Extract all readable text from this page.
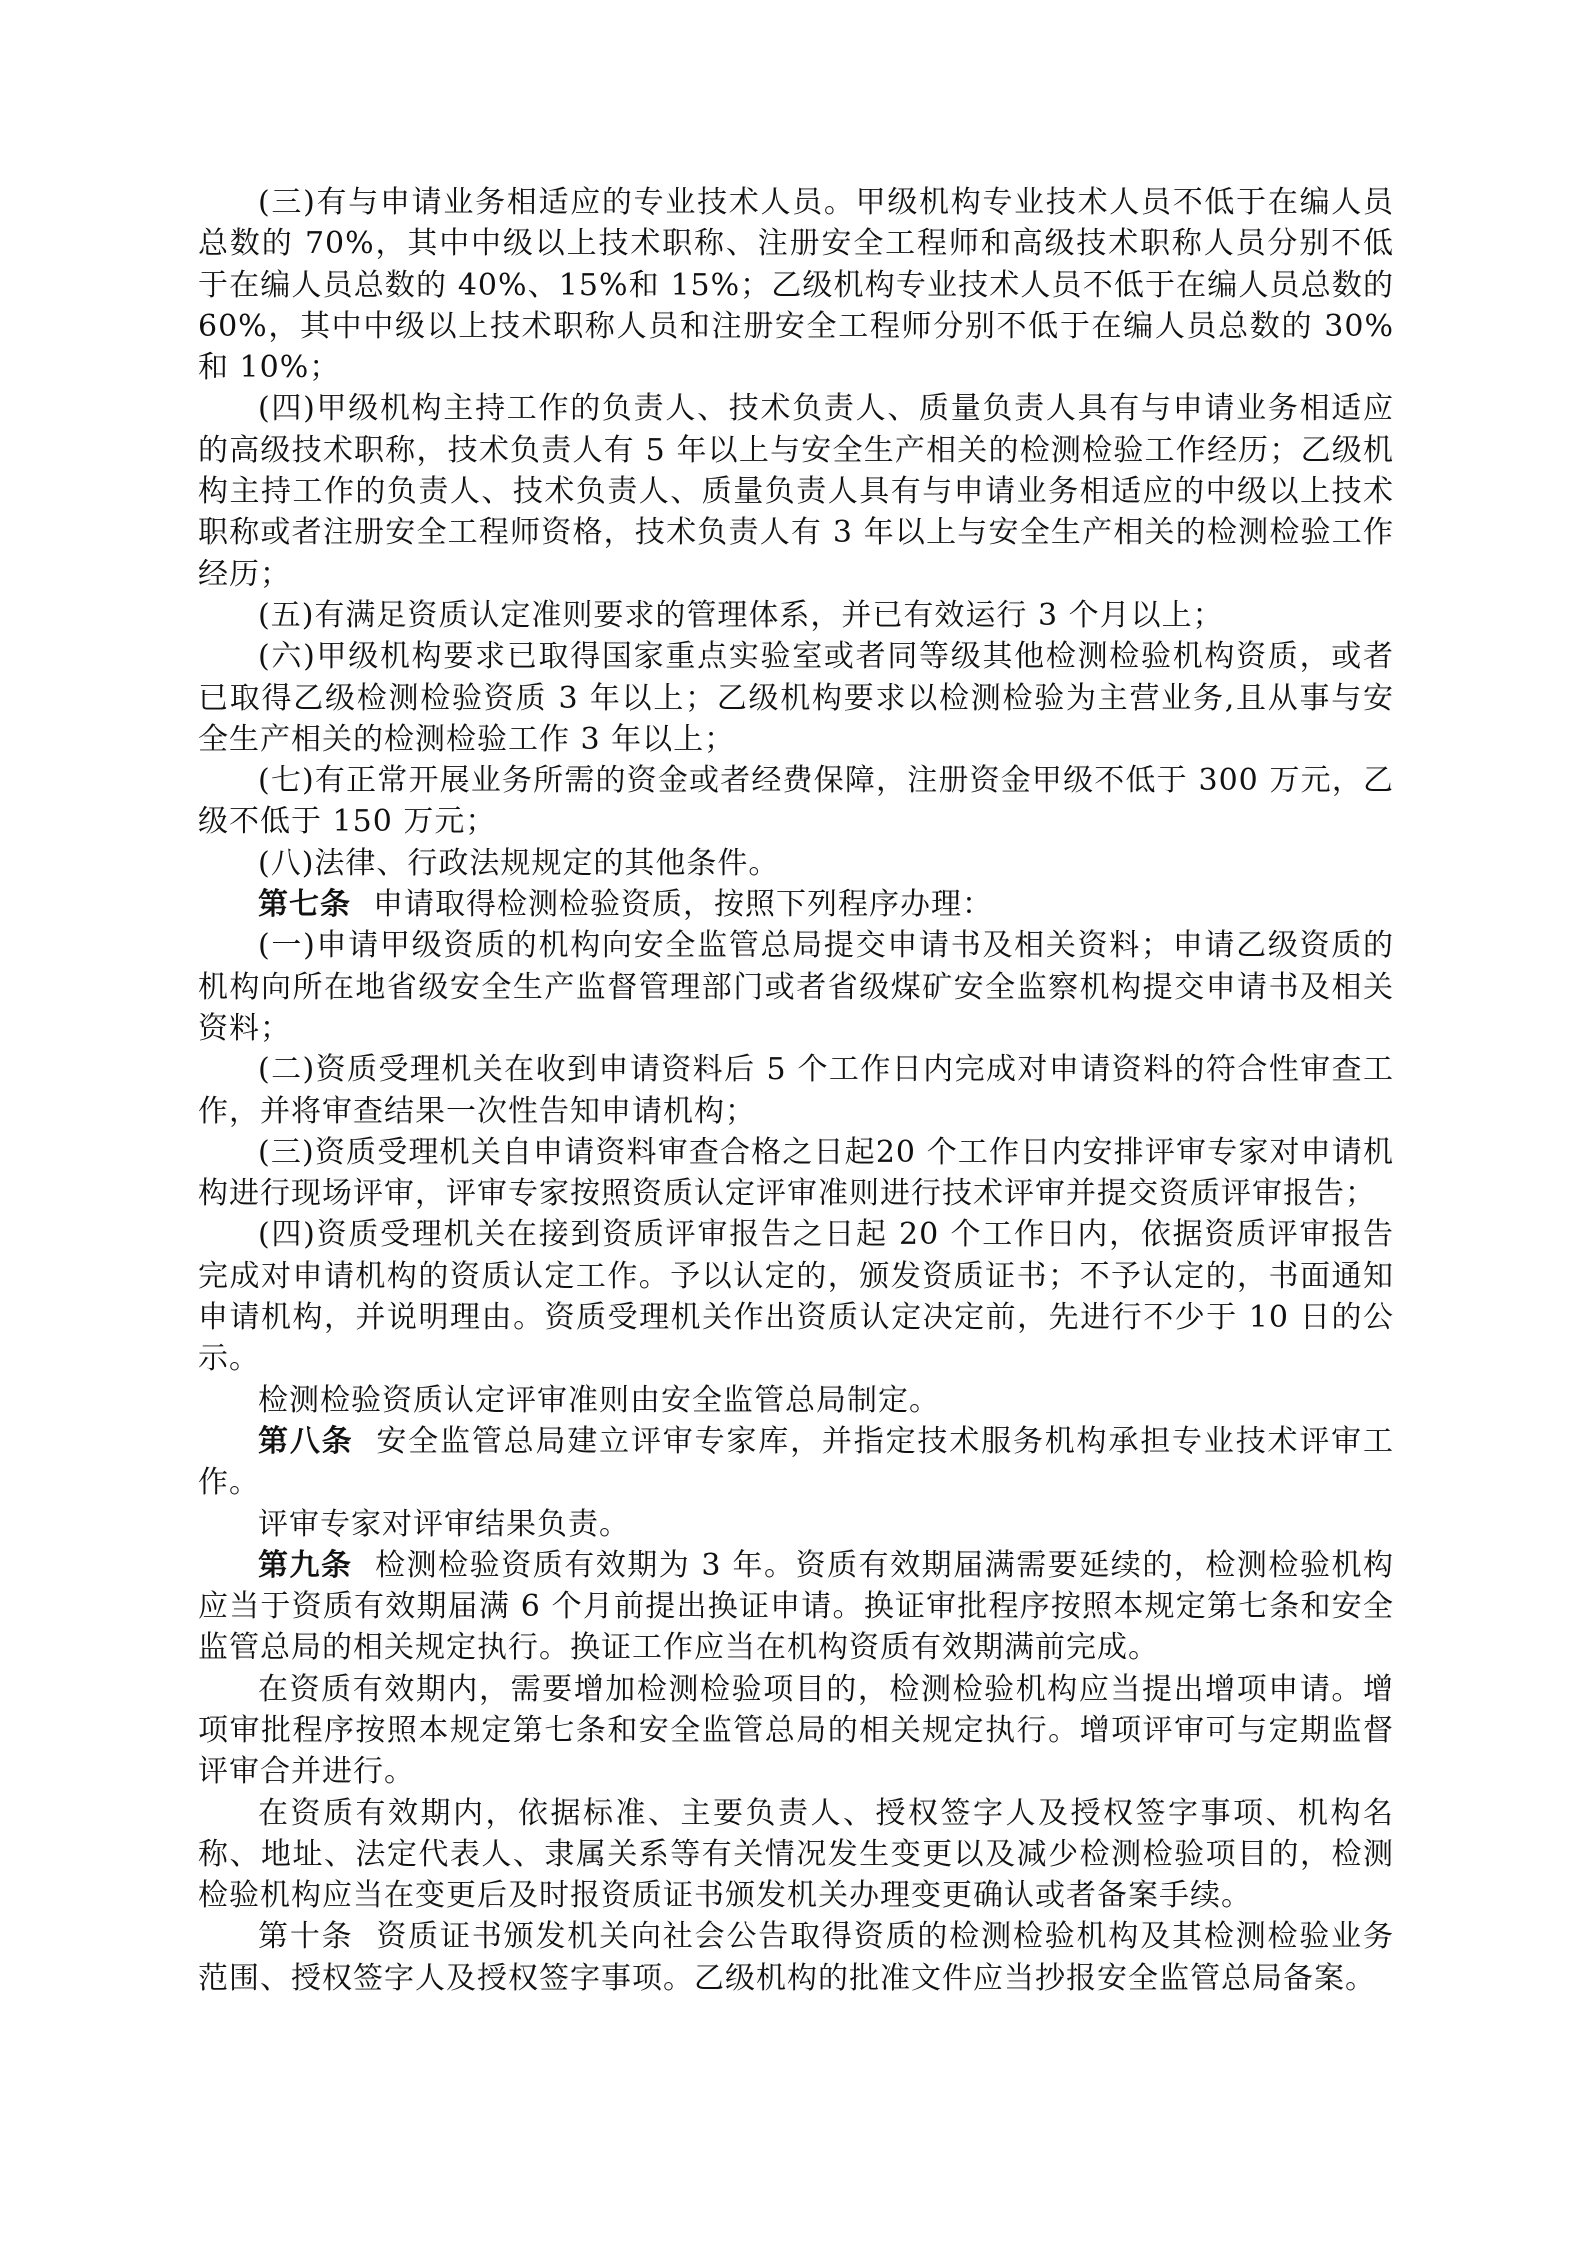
(三)有与申请业务相适应的专业技术人员。甲级机构专业技术人员不低于在编人员总数的 70%，其中中级以上技术职称、注册安全工程师和高级技术职称人员分别不低于在编人员总数的 40%、15%和 15%；乙级机构专业技术人员不低于在编人员总数的 60%，其中中级以上技术职称人员和注册安全工程师分别不低于在编人员总数的 30%和 10%；

(四)甲级机构主持工作的负责人、技术负责人、质量负责人具有与申请业务相适应的高级技术职称，技术负责人有 5 年以上与安全生产相关的检测检验工作经历；乙级机构主持工作的负责人、技术负责人、质量负责人具有与申请业务相适应的中级以上技术职称或者注册安全工程师资格，技术负责人有 3 年以上与安全生产相关的检测检验工作经历；

(五)有满足资质认定准则要求的管理体系，并已有效运行 3 个月以上；

(六)甲级机构要求已取得国家重点实验室或者同等级其他检测检验机构资质，或者已取得乙级检测检验资质 3 年以上；乙级机构要求以检测检验为主营业务,且从事与安全生产相关的检测检验工作 3 年以上；

(七)有正常开展业务所需的资金或者经费保障，注册资金甲级不低于 300 万元，乙级不低于 150 万元；

(八)法律、行政法规规定的其他条件。

第七条 申请取得检测检验资质，按照下列程序办理：

(一)申请甲级资质的机构向安全监管总局提交申请书及相关资料；申请乙级资质的机构向所在地省级安全生产监督管理部门或者省级煤矿安全监察机构提交申请书及相关资料；

(二)资质受理机关在收到申请资料后 5 个工作日内完成对申请资料的符合性审查工作，并将审查结果一次性告知申请机构；

(三)资质受理机关自申请资料审查合格之日起20 个工作日内安排评审专家对申请机构进行现场评审，评审专家按照资质认定评审准则进行技术评审并提交资质评审报告；

(四)资质受理机关在接到资质评审报告之日起 20 个工作日内，依据资质评审报告完成对申请机构的资质认定工作。予以认定的，颁发资质证书；不予认定的，书面通知申请机构，并说明理由。资质受理机关作出资质认定决定前，先进行不少于 10 日的公示。

检测检验资质认定评审准则由安全监管总局制定。

第八条 安全监管总局建立评审专家库，并指定技术服务机构承担专业技术评审工作。

评审专家对评审结果负责。

第九条 检测检验资质有效期为 3 年。资质有效期届满需要延续的，检测检验机构应当于资质有效期届满 6 个月前提出换证申请。换证审批程序按照本规定第七条和安全监管总局的相关规定执行。换证工作应当在机构资质有效期满前完成。

在资质有效期内，需要增加检测检验项目的，检测检验机构应当提出增项申请。增项审批程序按照本规定第七条和安全监管总局的相关规定执行。增项评审可与定期监督评审合并进行。

在资质有效期内，依据标准、主要负责人、授权签字人及授权签字事项、机构名称、地址、法定代表人、隶属关系等有关情况发生变更以及减少检测检验项目的，检测检验机构应当在变更后及时报资质证书颁发机关办理变更确认或者备案手续。

第十条 资质证书颁发机关向社会公告取得资质的检测检验机构及其检测检验业务范围、授权签字人及授权签字事项。乙级机构的批准文件应当抄报安全监管总局备案。
